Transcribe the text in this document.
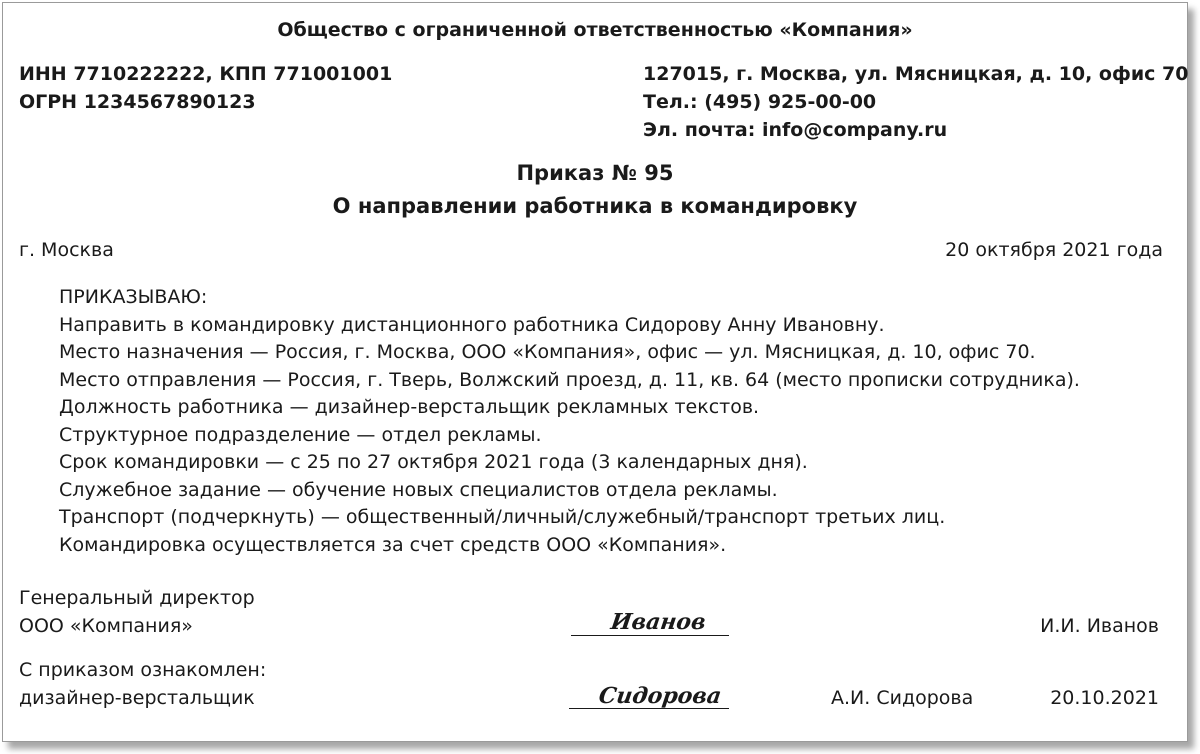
Общество с ограниченной ответственностью «Компания»
ИНН 7710222222, КПП 771001001
ОГРН 1234567890123
127015, г. Москва, ул. Мясницкая, д. 10, офис 70
Тел.: (495) 925-00-00
Эл. почта: info@company.ru
Приказ № 95
О направлении работника в командировку
г. Москва	20 октября 2021 года
ПРИКАЗЫВАЮ:
Направить в командировку дистанционного работника Сидорову Анну Ивановну.
Место назначения — Россия, г. Москва, ООО «Компания», офис — ул. Мясницкая, д. 10, офис 70.
Место отправления — Россия, г. Тверь, Волжский проезд, д. 11, кв. 64 (место прописки сотрудника).
Должность работника — дизайнер-верстальщик рекламных текстов.
Структурное подразделение — отдел рекламы.
Срок командировки — с 25 по 27 октября 2021 года (3 календарных дня).
Служебное задание — обучение новых специалистов отдела рекламы.
Транспорт (подчеркнуть) — общественный/личный/служебный/транспорт третьих лиц.
Командировка осуществляется за счет средств ООО «Компания».
Генеральный директор
ООО «Компания»	Иванов	И.И. Иванов
С приказом ознакомлен:
дизайнер-верстальщик	Сидорова	А.И. Сидорова	20.10.2021
